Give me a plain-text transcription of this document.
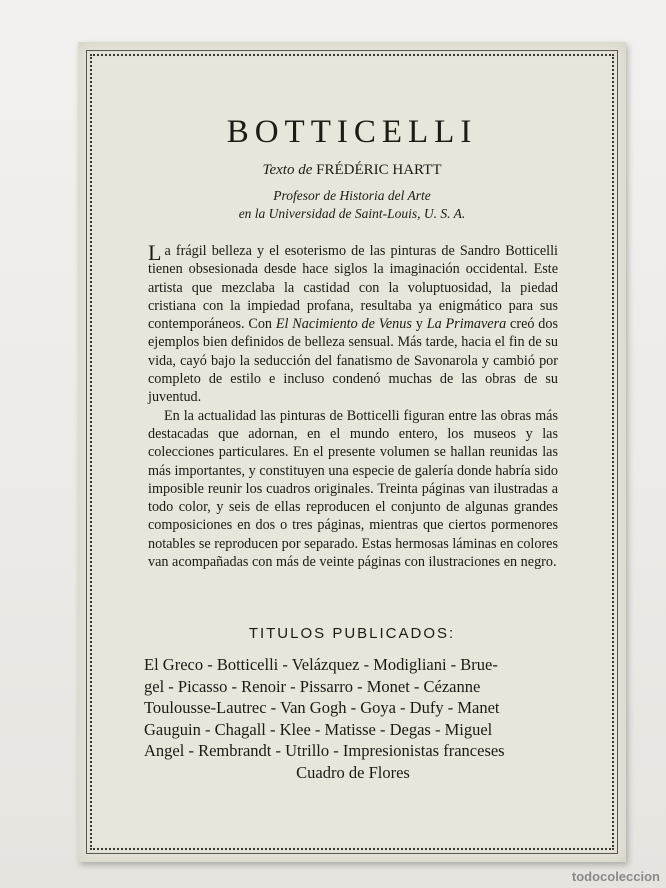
BOTTICELLI
Texto de FRÉDÉRIC HARTT
Profesor de Historia del Arte
en la Universidad de Saint-Louis, U. S. A.

La frágil belleza y el esoterismo de las pinturas de Sandro Botticelli tienen obsesionada desde hace siglos la imaginación occidental. Este artista que mezclaba la castidad con la voluptuosidad, la piedad cristiana con la impiedad profana, resultaba ya enigmático para sus contemporáneos. Con El Nacimiento de Venus y La Primavera creó dos ejemplos bien definidos de belleza sensual. Más tarde, hacia el fin de su vida, cayó bajo la seducción del fanatismo de Savonarola y cambió por completo de estilo e incluso condenó muchas de las obras de su juventud.

En la actualidad las pinturas de Botticelli figuran entre las obras más destacadas que adornan, en el mundo entero, los museos y las colecciones particulares. En el presente volumen se hallan reunidas las más importantes, y constituyen una especie de galería donde habría sido imposible reunir los cuadros originales. Treinta páginas van ilustradas a todo color, y seis de ellas reproducen el conjunto de algunas grandes composiciones en dos o tres páginas, mientras que ciertos pormenores notables se reproducen por separado. Estas hermosas láminas en colores van acompañadas con más de veinte páginas con ilustraciones en negro.

TITULOS PUBLICADOS:
El Greco - Botticelli - Velázquez - Modigliani - Brue-
gel - Picasso - Renoir - Pissarro - Monet - Cézanne
Toulousse-Lautrec - Van Gogh - Goya - Dufy - Manet
Gauguin - Chagall - Klee - Matisse - Degas - Miguel
Angel - Rembrandt - Utrillo - Impresionistas franceses
Cuadro de Flores
todocoleccion
